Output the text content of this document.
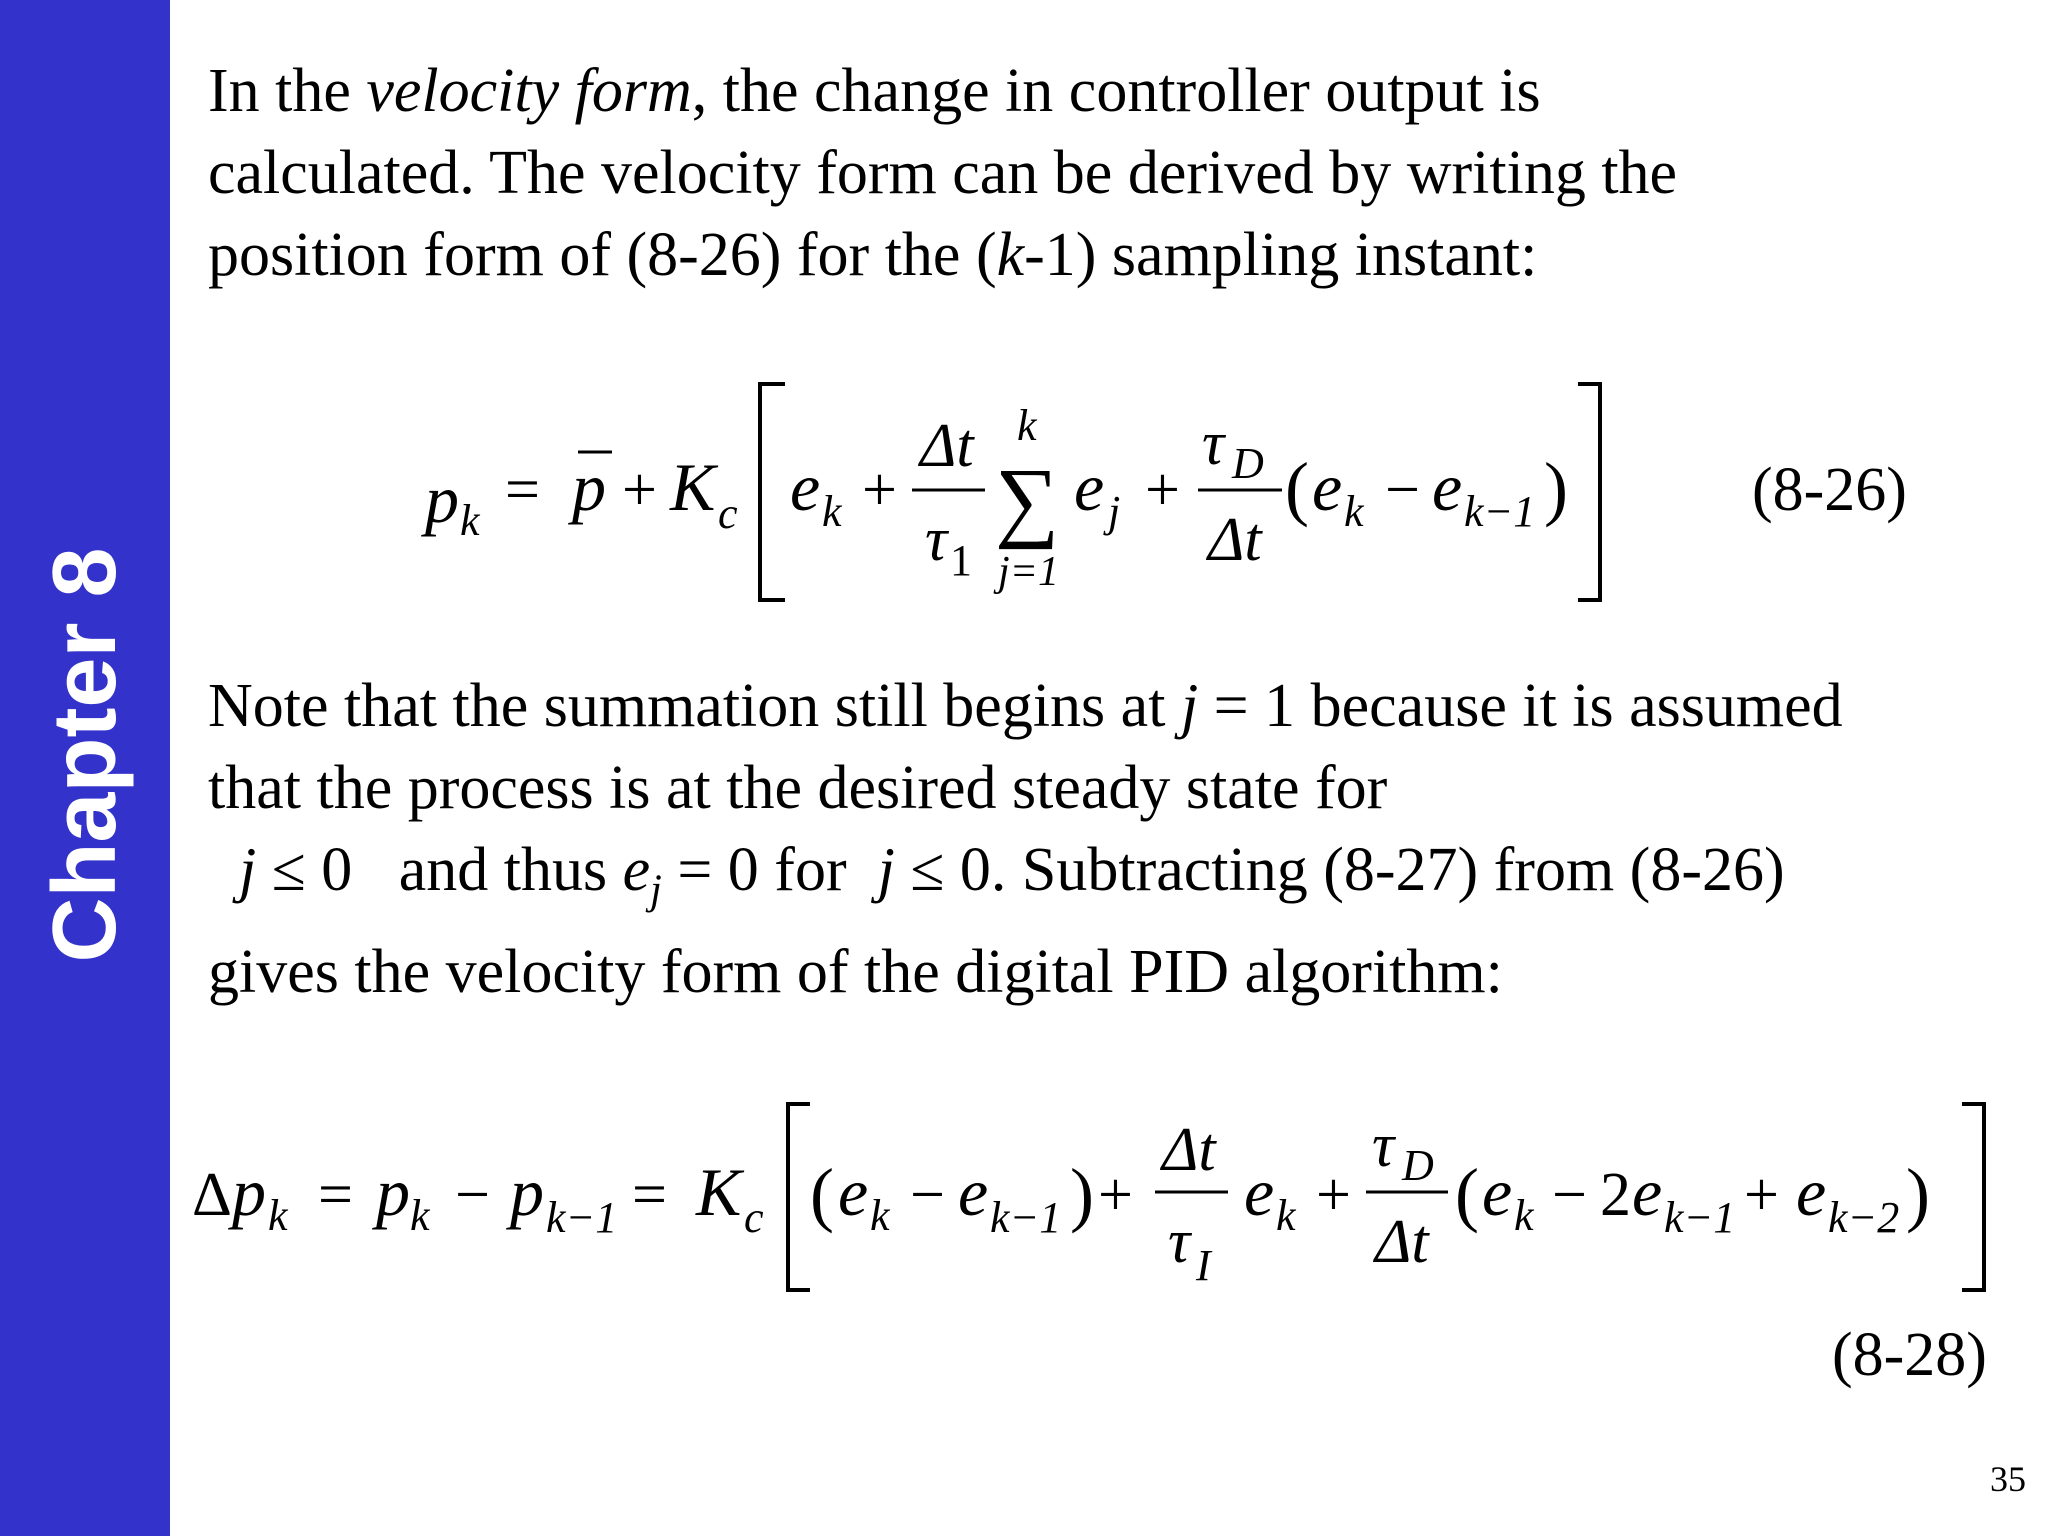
Chapter 8
In the velocity form, the change in controller output is
calculated. The velocity form can be derived by writing the
position form of (8-26) for the (k-1) sampling instant:
p k = p + K c e k +
Δt
τ 1
k
∑
j=1
e j +
τ D
Δt
( e k − e k−1 )	(8-26)
Note that the summation still begins at j = 1 because it is assumed
that the process is at the desired steady state for
j ≤ 0   and thus $e_j = 0$ for  j ≤ 0. Subtracting (8-27) from (8-26)
gives the velocity form of the digital PID algorithm:
Δ p k = p k − p k−1 = K c ( e k − e k−1 ) +
Δt
τ I
e k +
τ D
Δt
( e k − 2 e k−1 + e k−2 )
(8-28)
35
